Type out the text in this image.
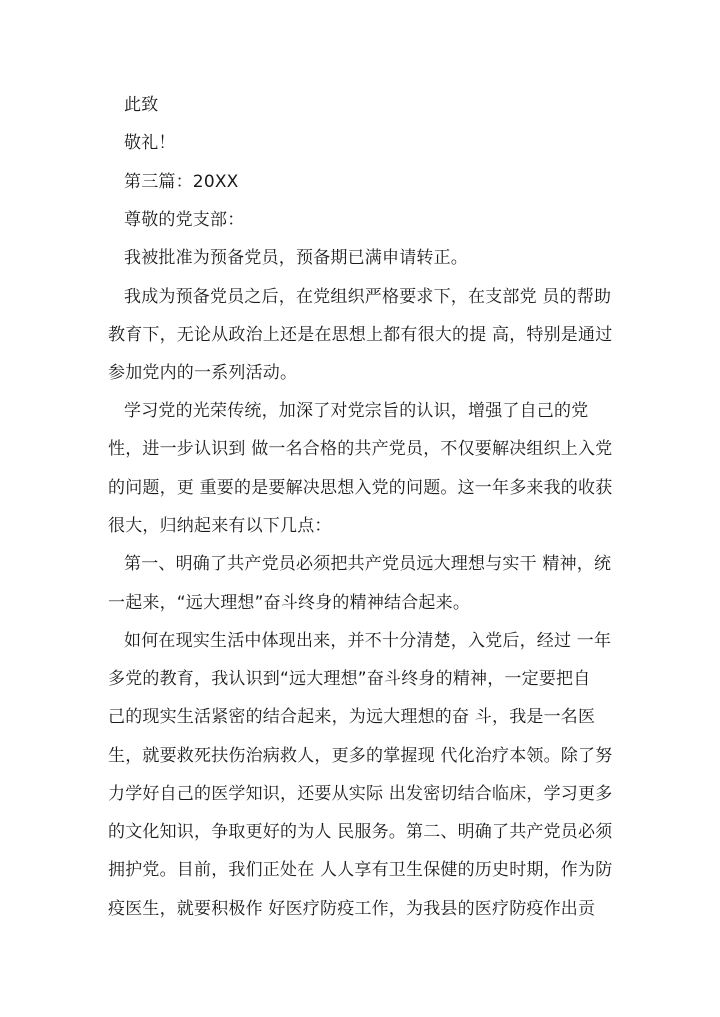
此致
敬礼！
第三篇：20XX
尊敬的党支部：
我被批准为预备党员，预备期已满申请转正。
我成为预备党员之后，在党组织严格要求下，在支部党 员的帮助
教育下，无论从政治上还是在思想上都有很大的提 高，特别是通过
参加党内的一系列活动。
学习党的光荣传统，加深了对党宗旨的认识，增强了自己的党
性，进一步认识到 做一名合格的共产党员，不仅要解决组织上入党
的问题，更 重要的是要解决思想入党的问题。这一年多来我的收获
很大，归纳起来有以下几点：
第一、明确了共产党员必须把共产党员远大理想与实干 精神，统
一起来，“远大理想”奋斗终身的精神结合起来。
如何在现实生活中体现出来，并不十分清楚，入党后，经过 一年
多党的教育，我认识到“远大理想”奋斗终身的精神，一定要把自
己的现实生活紧密的结合起来，为远大理想的奋 斗，我是一名医
生，就要救死扶伤治病救人，更多的掌握现 代化治疗本领。除了努
力学好自己的医学知识，还要从实际 出发密切结合临床，学习更多
的文化知识，争取更好的为人 民服务。第二、明确了共产党员必须
拥护党。目前，我们正处在 人人享有卫生保健的历史时期，作为防
疫医生，就要积极作 好医疗防疫工作，为我县的医疗防疫作出贡
